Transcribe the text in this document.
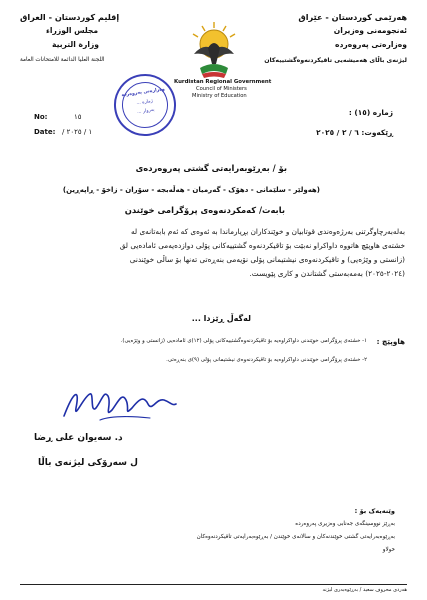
هەرێمی کوردستان - عێراق
ئەنجومەنی وەزیران
وەزارەتی پەروەردە
لیژنەی باڵای هەمیشەیی تاقیکردنەوەگشتییەکان
إقليم كوردستان - العراق
مجلس الوزراء
وزارة التربية
اللجنة العليا الدائمة للامتحانات العامة
Kurdistan Regional Government
Council of Ministers
Ministry of Education
وەزارەتی پەروەردە
ژمارە ...
بەروار ...
No:	١٥
Date: / ١ / ٢٠٢٥
ژمارە (١٥) :
ڕێکەوت: ٦ / ٢ / ٢٠٢٥
بۆ / بەڕێوبەرایەتی گشتی پەروەردەی
(هەولێر - سلێمانی - دهۆک - گەرمیان - هەڵەبجە - سۆران - زاخۆ - ڕاپەڕین)
بابەت/ کەمکردنەوەی پرۆگرامی خوێندن
بەلەبەرچاوگرتنی بەرژەوەندی قوتابیان و خوێندکاران بڕیارماندا بە ئەوەی کە ئەم بابەتانەی لە
خشتەی هاوپێچ هاتووە داواکراو نەبێت بۆ تاقیکردنەوە گشتییەکانی پۆلی دوازدەیەمی ئامادەیی لق
(زانستی و وێژەیی) و تاقیکردنەوەی نیشتیمانی پۆلی نۆیەمی بنەڕەتی تەنها بۆ ساڵی خوێندنی
(٢٠٢٤-٢٠٢٥) بەمەبەستی گشتاندن و کاری پێویست.
لەگەڵ ڕێزدا ...
هاوپێچ :
١- خشتەی پرۆگرامی خوێندنی داواکراوەیە بۆ تاقیکردنەوەگشتییەکانی پۆلی (١٢)ی ئامادەیی (زانستی و وێژەیی).
٢- خشتەی پرۆگرامی خوێندنی داواکراوەیە بۆ تاقیکردنەوەی نیشتیمانی پۆلی (٩)ی بنەڕەتی.
د. سەیوان علی ڕضا
ل سەرۆکی لیژنەی باڵا
وێنەیەک بۆ :
بەڕێز نووسینگەی جەنابی وەزیری پەروەردە
بەڕێوەبەرایەتی گشتی خوێندنەکان و سالانەی خوێندن / بەڕێوەبەرایەتی تاقیکردنەوەکان
خولاو
هەردی محروف سعید / بەڕێوەبەری لیژنە
